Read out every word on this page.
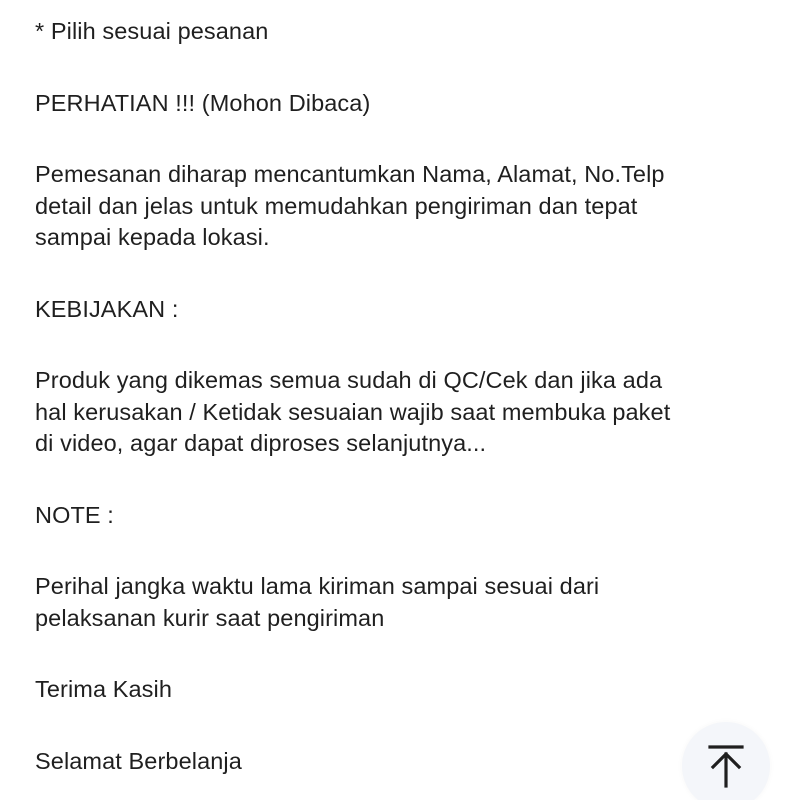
* Pilih sesuai pesanan

PERHATIAN !!! (Mohon Dibaca)

Pemesanan diharap mencantumkan Nama, Alamat, No.Telp
detail dan jelas untuk memudahkan pengiriman dan tepat
sampai kepada lokasi.

KEBIJAKAN :

Produk yang dikemas semua sudah di QC/Cek dan jika ada
hal kerusakan / Ketidak sesuaian wajib saat membuka paket
di video, agar dapat diproses selanjutnya...

NOTE :

Perihal jangka waktu lama kiriman sampai sesuai dari
pelaksanan kurir saat pengiriman

Terima Kasih

Selamat Berbelanja
